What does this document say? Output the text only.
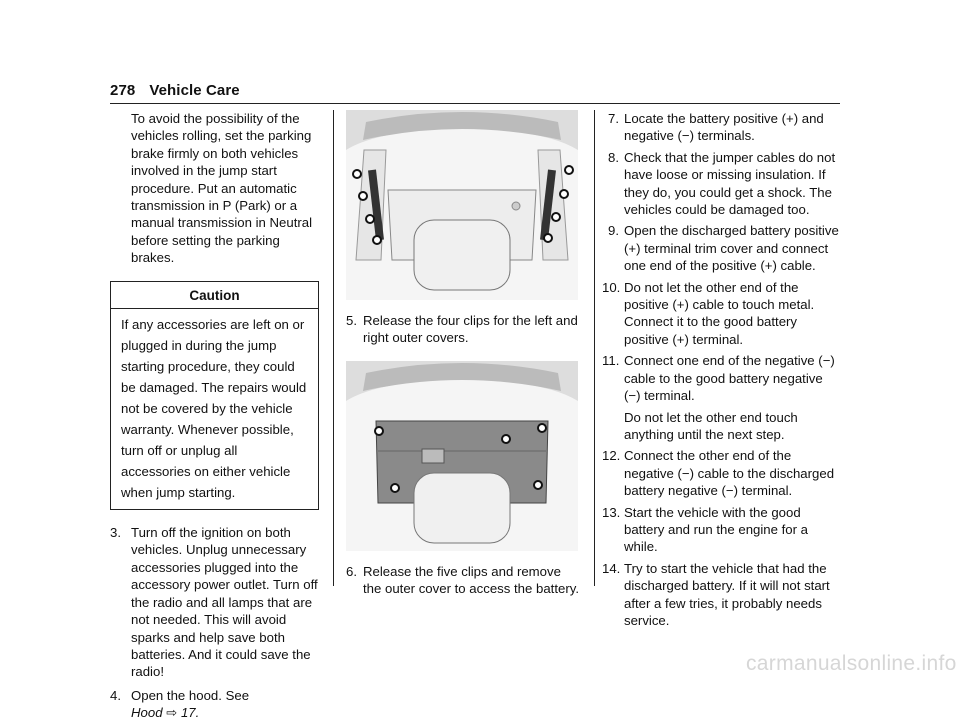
278 Vehicle Care

To avoid the possibility of the vehicles rolling, set the parking brake firmly on both vehicles involved in the jump start procedure. Put an automatic transmission in P (Park) or a manual transmission in Neutral before setting the parking brakes.

Caution
If any accessories are left on or plugged in during the jump starting procedure, they could be damaged. The repairs would not be covered by the vehicle warranty. Whenever possible, turn off or unplug all accessories on either vehicle when jump starting.
3. Turn off the ignition on both vehicles. Unplug unnecessary accessories plugged into the accessory power outlet. Turn off the radio and all lamps that are not needed. This will avoid sparks and help save both batteries. And it could save the radio!
4. Open the hood. See Hood ⇨ 17.
5. Release the four clips for the left and right outer covers.
6. Release the five clips and remove the outer cover to access the battery.
7. Locate the battery positive (+) and negative (−) terminals.
8. Check that the jumper cables do not have loose or missing insulation. If they do, you could get a shock. The vehicles could be damaged too.
9. Open the discharged battery positive (+) terminal trim cover and connect one end of the positive (+) cable.
10. Do not let the other end of the positive (+) cable to touch metal. Connect it to the good battery positive (+) terminal.
11. Connect one end of the negative (−) cable to the good battery negative (−) terminal.
Do not let the other end touch anything until the next step.
12. Connect the other end of the negative (−) cable to the discharged battery negative (−) terminal.
13. Start the vehicle with the good battery and run the engine for a while.
14. Try to start the vehicle that had the discharged battery. If it will not start after a few tries, it probably needs service.
carmanualsonline.info
